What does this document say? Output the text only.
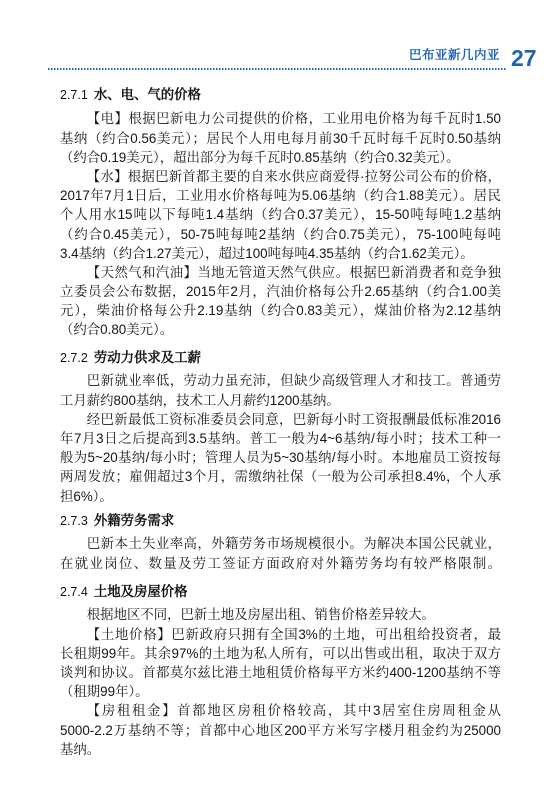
巴布亚新几内亚 27
2.7.1 水、电、气的价格
【电】根据巴新电力公司提供的价格，工业用电价格为每千瓦时1.50
基纳（约合0.56美元）；居民个人用电每月前30千瓦时每千瓦时0.50基纳
（约合0.19美元），超出部分为每千瓦时0.85基纳（约合0.32美元）。
【水】根据巴新首都主要的自来水供应商爱得·拉努公司公布的价格，
2017年7月1日后，工业用水价格每吨为5.06基纳（约合1.88美元）。居民
个人用水15吨以下每吨1.4基纳（约合0.37美元），15-50吨每吨1.2基纳
（约合0.45美元），50-75吨每吨2基纳（约合0.75美元），75-100吨每吨
3.4基纳（约合1.27美元），超过100吨每吨4.35基纳（约合1.62美元）。
【天然气和汽油】当地无管道天然气供应。根据巴新消费者和竞争独
立委员会公布数据，2015年2月，汽油价格每公升2.65基纳（约合1.00美
元），柴油价格每公升2.19基纳（约合0.83美元），煤油价格为2.12基纳
（约合0.80美元）。
2.7.2 劳动力供求及工薪
巴新就业率低，劳动力虽充沛，但缺少高级管理人才和技工。普通劳
工月薪约800基纳，技术工人月薪约1200基纳。
经巴新最低工资标准委员会同意，巴新每小时工资报酬最低标准2016
年7月3日之后提高到3.5基纳。普工一般为4~6基纳/每小时；技术工种一
般为5~20基纳/每小时；管理人员为5~30基纳/每小时。本地雇员工资按每
两周发放；雇佣超过3个月，需缴纳社保（一般为公司承担8.4%，个人承
担6%）。
2.7.3 外籍劳务需求
巴新本土失业率高，外籍劳务市场规模很小。为解决本国公民就业，
在就业岗位、数量及劳工签证方面政府对外籍劳务均有较严格限制。
2.7.4 土地及房屋价格
根据地区不同，巴新土地及房屋出租、销售价格差异较大。
【土地价格】巴新政府只拥有全国3%的土地，可出租给投资者，最
长租期99年。其余97%的土地为私人所有，可以出售或出租，取决于双方
谈判和协议。首都莫尔兹比港土地租赁价格每平方米约400-1200基纳不等
（租期99年）。
【房租租金】首都地区房租价格较高，其中3居室住房周租金从
5000-2.2万基纳不等；首都中心地区200平方米写字楼月租金约为25000
基纳。
